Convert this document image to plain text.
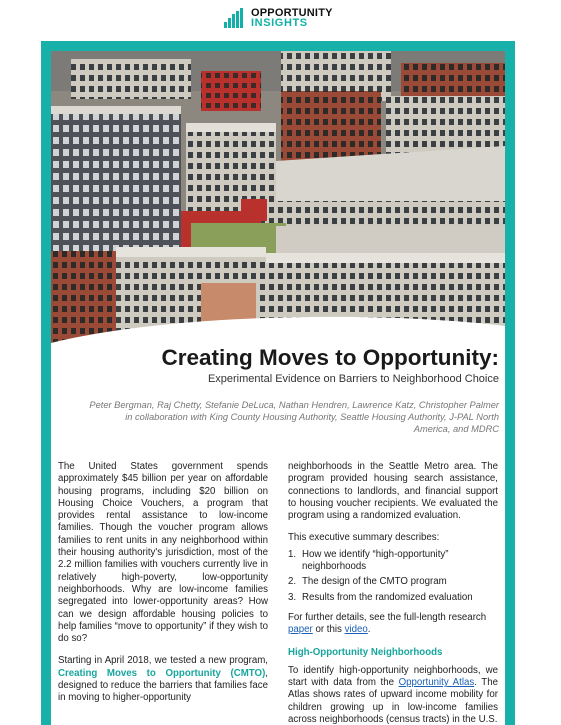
OPPORTUNITY
INSIGHTS
Creating Moves to Opportunity:
Experimental Evidence on Barriers to Neighborhood Choice
Peter Bergman, Raj Chetty, Stefanie DeLuca, Nathan Hendren, Lawrence Katz, Christopher Palmer
in collaboration with King County Housing Authority, Seattle Housing Authority, J-PAL North
America, and MDRC

The United States government spends approximately $45 billion per year on affordable housing programs, including $20 billion on Housing Choice Vouchers, a program that provides rental assistance to low-income families. Though the voucher program allows families to rent units in any neighborhood within their housing authority's jurisdiction, most of the 2.2 million families with vouchers currently live in relatively high-poverty, low-opportunity neighborhoods. Why are low-income families segregated into lower-opportunity areas? How can we design affordable housing policies to help families “move to opportunity” if they wish to do so?

Starting in April 2018, we tested a new program, Creating Moves to Opportunity (CMTO), designed to reduce the barriers that families face in moving to higher-opportunity

neighborhoods in the Seattle Metro area. The program provided housing search assistance, connections to landlords, and financial support to housing voucher recipients. We evaluated the program using a randomized evaluation.

This executive summary describes:

1. How we identify “high-opportunity” neighborhoods
2. The design of the CMTO program
3. Results from the randomized evaluation

For further details, see the full-length research paper or this video.

High-Opportunity Neighborhoods

To identify high-opportunity neighborhoods, we start with data from the Opportunity Atlas. The Atlas shows rates of upward income mobility for children growing up in low-income families across neighborhoods (census tracts) in the U.S.
